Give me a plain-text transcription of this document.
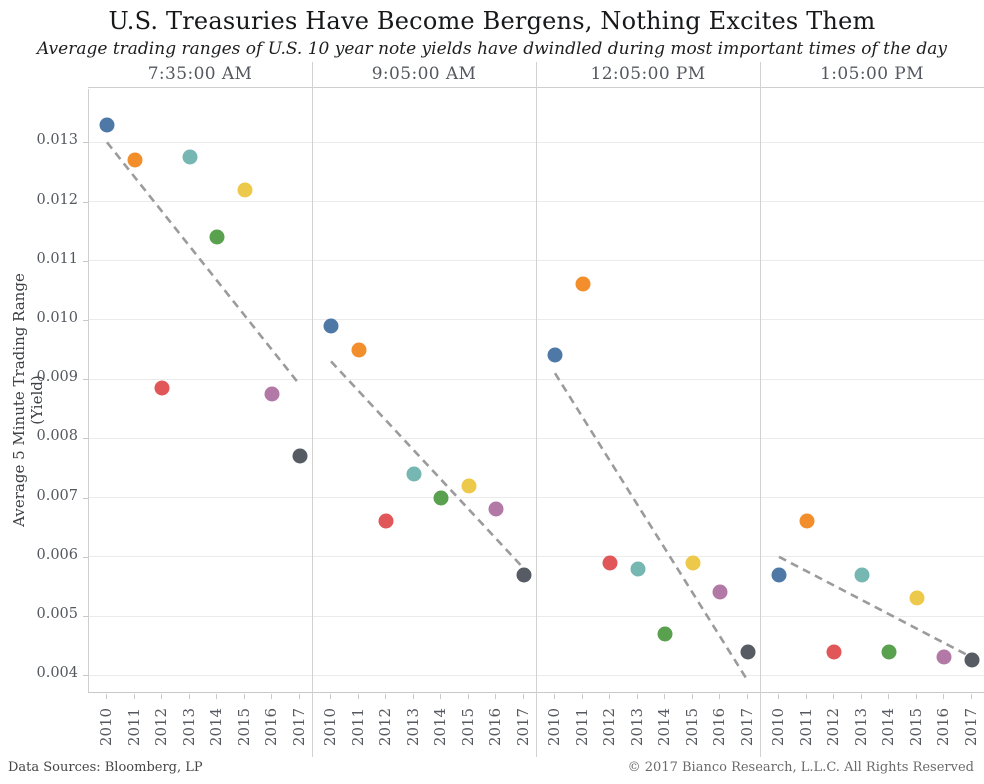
U.S. Treasuries Have Become Bergens, Nothing Excites Them
Average trading ranges of U.S. 10 year note yields have dwindled during most important times of the day
Average 5 Minute Trading Range (Yield)
7:35:00 AM	9:05:00 AM	12:05:00 PM	1:05:00 PM
Data Sources: Bloomberg, LP	© 2017 Bianco Research, L.L.C. All Rights Reserved
0.013
0.012
0.011
0.010
0.009
0.008
0.007
0.006
0.005
0.004
2010 2011 2012 2013 2014 2015 2016 2017 2010 2011 2012 2013 2014 2015 2016 2017 2010 2011 2012 2013 2014 2015 2016 2017 2010 2011 2012 2013 2014 2015 2016 2017
